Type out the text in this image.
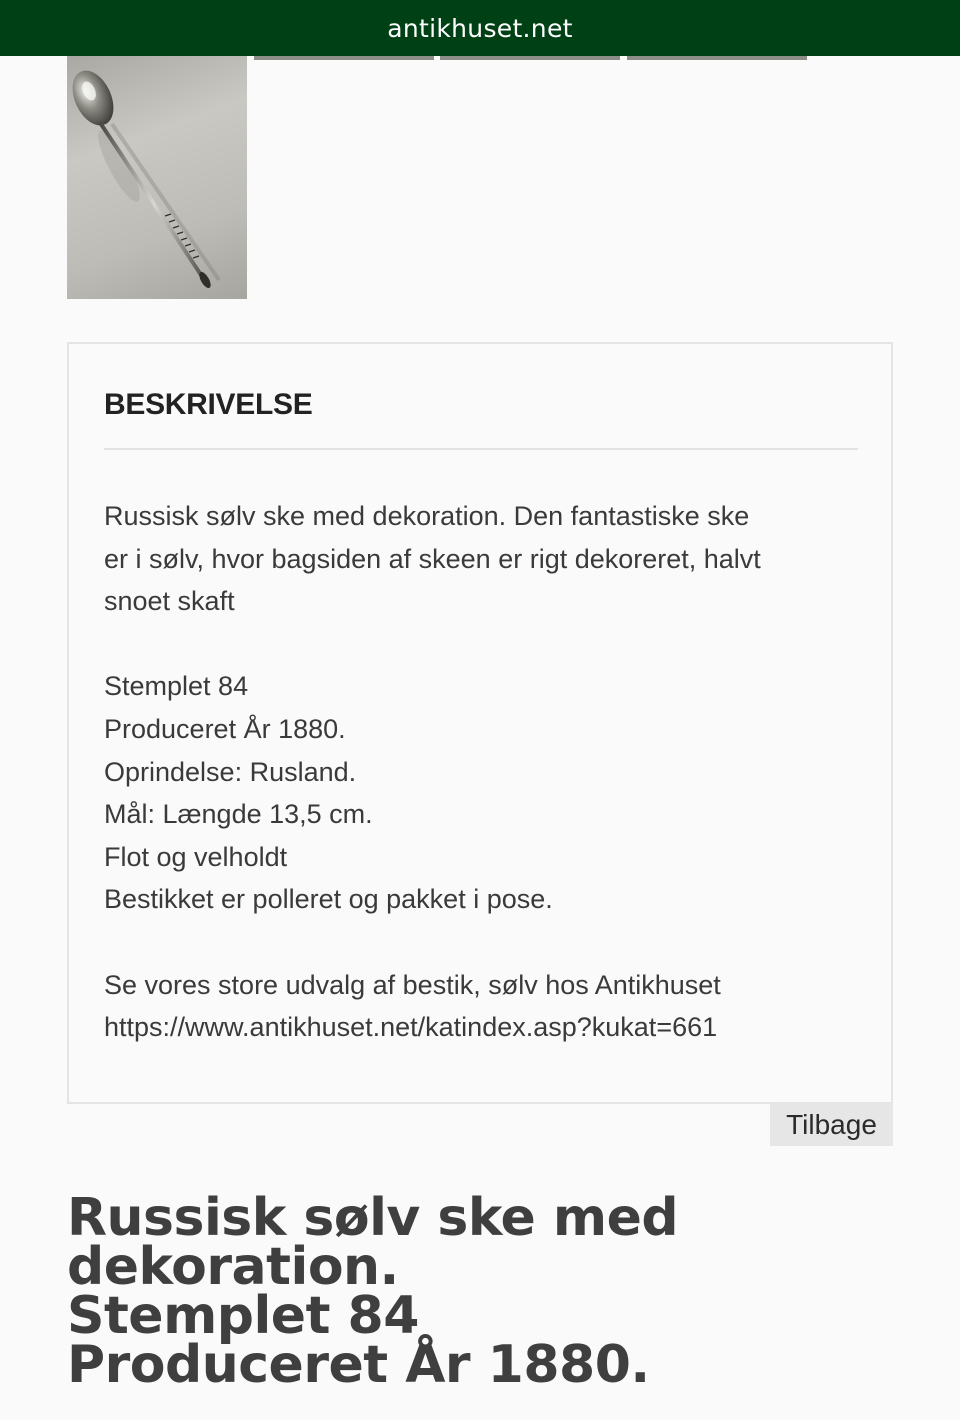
antikhuset.net
BESKRIVELSE
Russisk sølv ske med dekoration. Den fantastiske ske
er i sølv, hvor bagsiden af skeen er rigt dekoreret, halvt
snoet skaft
Stemplet 84
Produceret År 1880.
Oprindelse: Rusland.
Mål: Længde 13,5 cm.
Flot og velholdt
Bestikket er polleret og pakket i pose.
Se vores store udvalg af bestik, sølv hos Antikhuset
https://www.antikhuset.net/katindex.asp?kukat=661
Tilbage
Russisk sølv ske med
dekoration.
Stemplet 84
Produceret År 1880.
